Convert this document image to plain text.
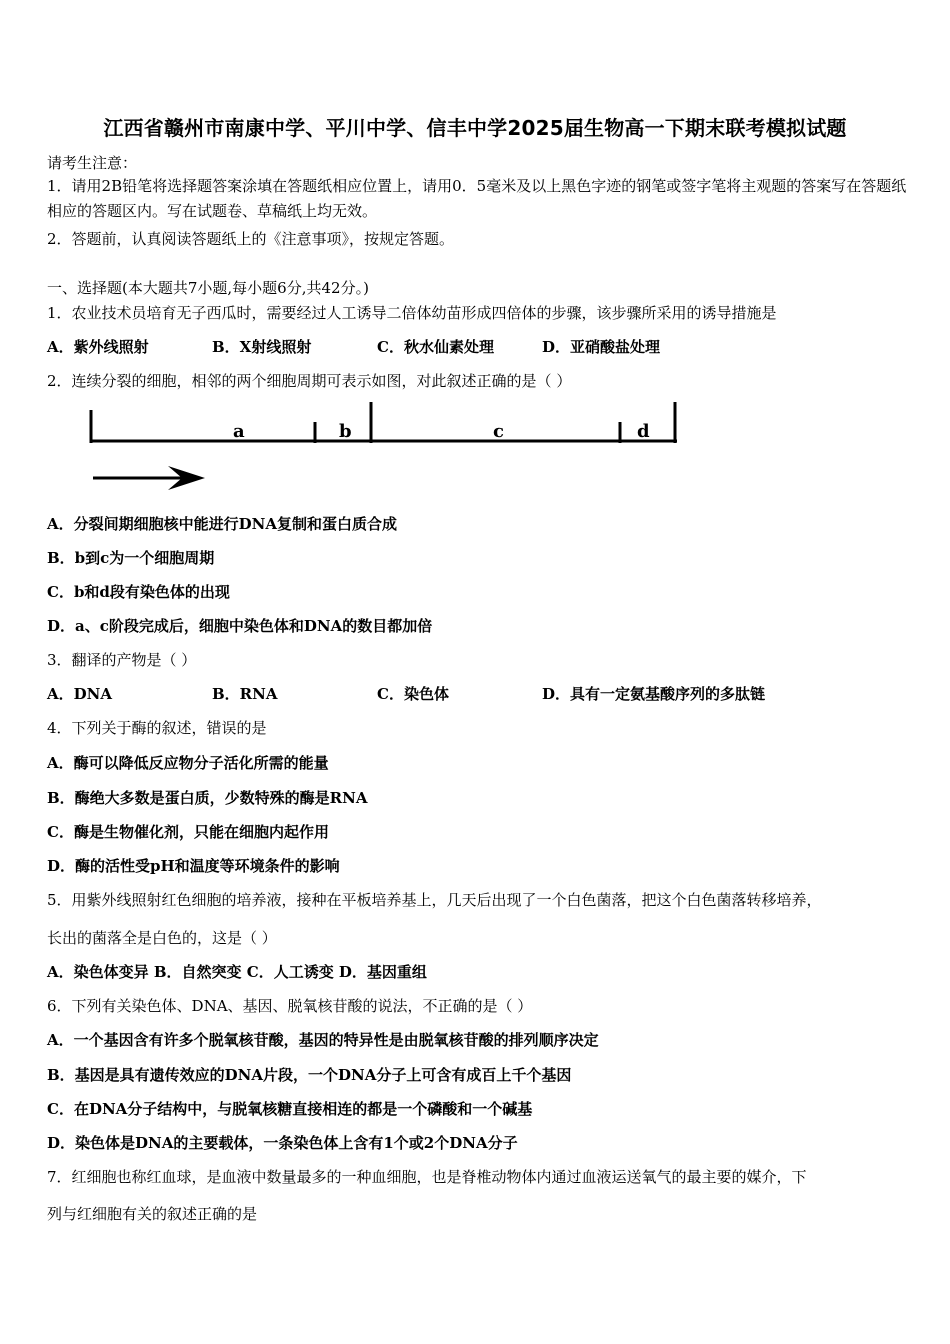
江西省赣州市南康中学、平川中学、信丰中学2025届生物高一下期末联考模拟试题
请考生注意：
1．请用2B铅笔将选择题答案涂填在答题纸相应位置上，请用0．5毫米及以上黑色字迹的钢笔或签字笔将主观题的答案写在答题纸相应的答题区内。写在试题卷、草稿纸上均无效。
2．答题前，认真阅读答题纸上的《注意事项》，按规定答题。
一、选择题(本大题共7小题,每小题6分,共42分。)
1．农业技术员培育无子西瓜时，需要经过人工诱导二倍体幼苗形成四倍体的步骤，该步骤所采用的诱导措施是
A．紫外线照射	B．X射线照射	C．秋水仙素处理	D．亚硝酸盐处理
2．连续分裂的细胞，相邻的两个细胞周期可表示如图，对此叙述正确的是（ ）
a	b	c	d
A．分裂间期细胞核中能进行DNA复制和蛋白质合成
B．b到c为一个细胞周期
C．b和d段有染色体的出现
D．a、c阶段完成后，细胞中染色体和DNA的数目都加倍
3．翻译的产物是（ ）
A．DNA	B．RNA	C．染色体	D．具有一定氨基酸序列的多肽链
4．下列关于酶的叙述，错误的是
A．酶可以降低反应物分子活化所需的能量
B．酶绝大多数是蛋白质，少数特殊的酶是RNA
C．酶是生物催化剂，只能在细胞内起作用
D．酶的活性受pH和温度等环境条件的影响
5．用紫外线照射红色细胞的培养液，接种在平板培养基上，几天后出现了一个白色菌落，把这个白色菌落转移培养，
长出的菌落全是白色的，这是（ ）
A．染色体变异 B．自然突变 C．人工诱变 D．基因重组
6．下列有关染色体、DNA、基因、脱氧核苷酸的说法，不正确的是（ ）
A．一个基因含有许多个脱氧核苷酸，基因的特异性是由脱氧核苷酸的排列顺序决定
B．基因是具有遗传效应的DNA片段，一个DNA分子上可含有成百上千个基因
C．在DNA分子结构中，与脱氧核糖直接相连的都是一个磷酸和一个碱基
D．染色体是DNA的主要载体，一条染色体上含有1个或2个DNA分子
7．红细胞也称红血球，是血液中数量最多的一种血细胞，也是脊椎动物体内通过血液运送氧气的最主要的媒介，下
列与红细胞有关的叙述正确的是
